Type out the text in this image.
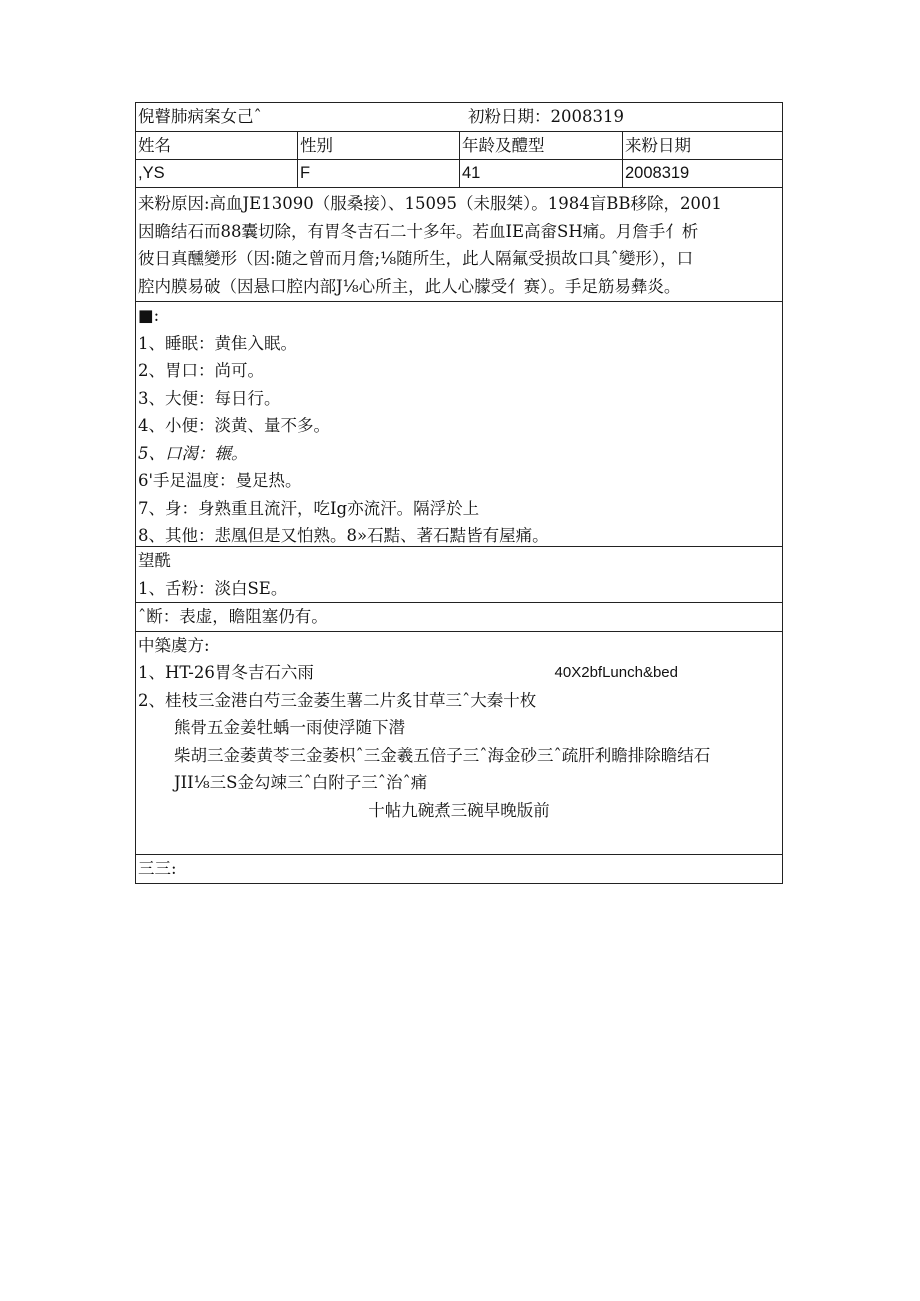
倪瞽肺病案女己ˆ	初粉日期：2008319
姓名	性别	年龄及醴型	来粉日期
,YS	F	41	2008319
来粉原因:高血JE13090（服桑接）、15095（未服桀）。1984盲BB移除，2001
因瞻结石而88囊切除，有胃冬吉石二十多年。若血IE高畲SH痛。月詹手亻析
彼日真醺變形（因:随之曾而月詹;⅛随所生，此人隔氟受损故口具ˆ變形），口
腔内膜易破（因悬口腔内部J⅛心所主，此人心朦受亻赛）。手足筋易彝炎。
■:
1、睡眠：黄隹入眠。
2、胃口：尚可。
3、大便：每日行。
4、小便：淡黄、量不多。
5、口渴：辗。
6'手足温度：曼足热。
7、身：身熟重且流汗，吃Ig亦流汗。隔浮於上
8、其他：悲凰但是又怕熟。8»石黠、著石黠皆有屋痛。
望酰
1、舌粉：淡白SE。
ˆ断：表虚，瞻阻塞仍有。
中築虞方:
1、HT-26胃冬吉石六雨	40X2bfLunch&bed
2、桂枝三金港白芍三金萎生薯二片炙甘草三ˆ大秦十枚
熊骨五金姜牡蝺一雨使浮随下潜
柴胡三金萎黄苓三金萎枳ˆ三金羲五倍子三ˆ海金砂三ˆ疏肝利瞻排除瞻结石
JII⅛三S金勾竦三ˆ白附子三ˆ治ˆ痛
十帖九碗煮三碗早晚版前
三三:
